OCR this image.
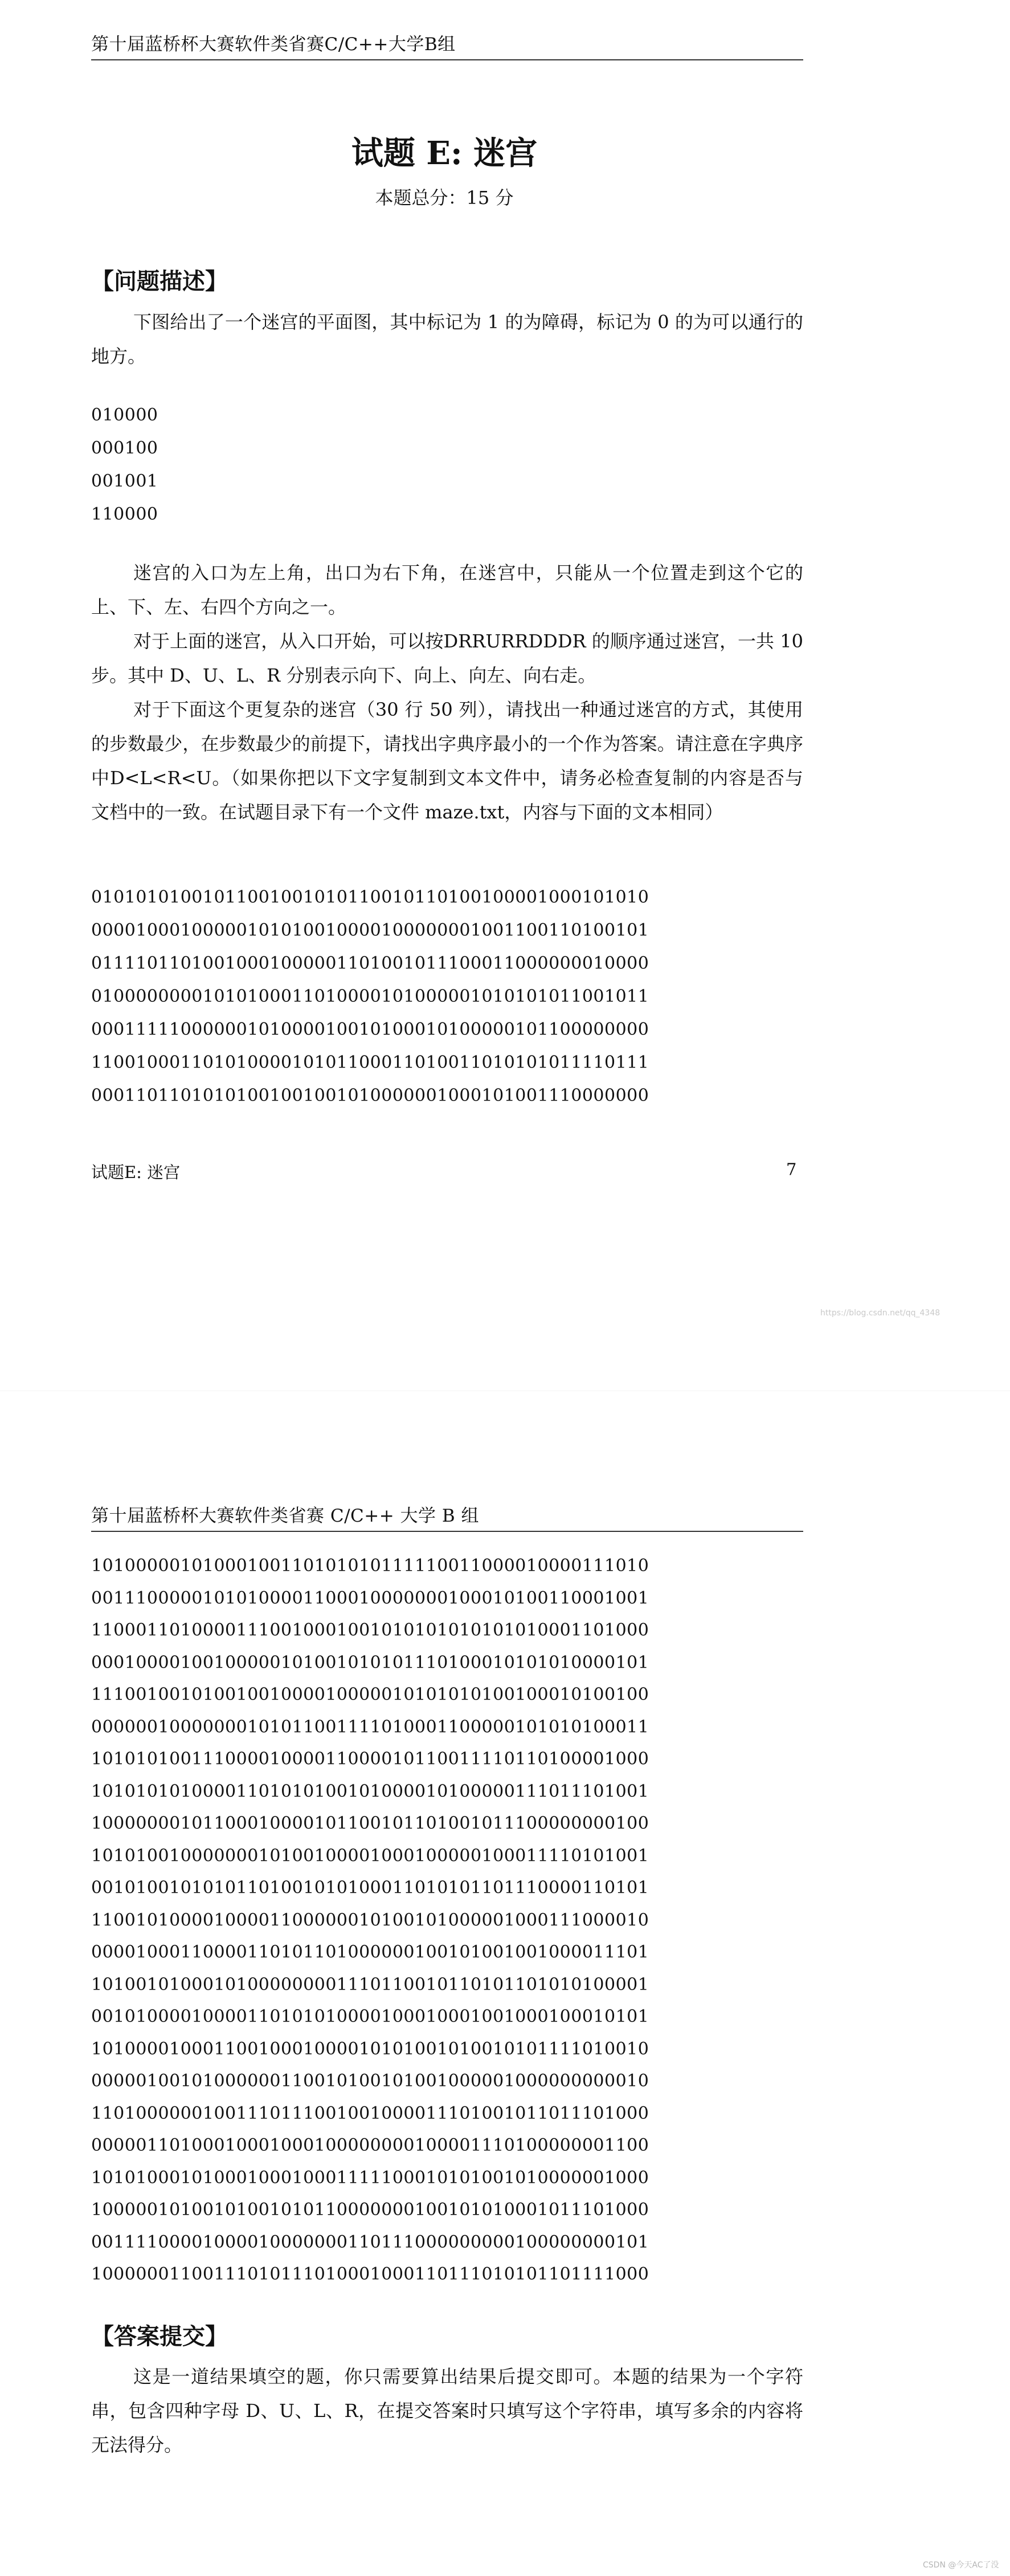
第十届蓝桥杯大赛软件类省赛C/C++大学B组
试题 E: 迷宫
本题总分：15 分
【问题描述】
下图给出了一个迷宫的平面图，其中标记为 1 的为障碍，标记为 0 的为可以通行的地方。
010000
000100
001001
110000
迷宫的入口为左上角，出口为右下角，在迷宫中，只能从一个位置走到这个它的上、下、左、右四个方向之一。
对于上面的迷宫，从入口开始，可以按DRRURRDDDR 的顺序通过迷宫，一共 10 步。其中 D、U、L、R 分别表示向下、向上、向左、向右走。
对于下面这个更复杂的迷宫（30 行 50 列），请找出一种通过迷宫的方式，其使用的步数最少，在步数最少的前提下，请找出字典序最小的一个作为答案。请注意在字典序中D<L<R<U。（如果你把以下文字复制到文本文件中，请务必检查复制的内容是否与文档中的一致。在试题目录下有一个文件 maze.txt，内容与下面的文本相同）
01010101001011001001010110010110100100001000101010
00001000100000101010010000100000001001100110100101
01111011010010001000001101001011100011000000010000
01000000001010100011010000101000001010101011001011
00011111000000101000010010100010100000101100000000
11001000110101000010101100011010011010101011110111
00011011010101001001001010000001000101001110000000
试题E: 迷宫	7
https://blog.csdn.net/qq_4348
第十届蓝桥杯大赛软件类省赛 C/C++ 大学 B 组
10100000101000100110101010111110011000010000111010
00111000001010100001100010000000100010100110001001
11000110100001110010001001010101010101010001101000
00010000100100000101001010101110100010101010000101
11100100101001001000010000010101010100100010100100
00000010000000101011001111010001100000101010100011
10101010011100001000011000010110011110110100001000
10101010100001101010100101000010100000111011101001
10000000101100010000101100101101001011100000000100
10101001000000010100100001000100000100011110101001
00101001010101101001010100011010101101110000110101
11001010000100001100000010100101000001000111000010
00001000110000110101101000000100101001001000011101
10100101000101000000001110110010110101101010100001
00101000010000110101010000100010001001000100010101
10100001000110010001000010101001010010101111010010
00000100101000000110010100101001000001000000000010
11010000001001110111001001000011101001011011101000
00000110100010001000100000000100001110100000001100
10101000101000100010001111100010101001010000001000
10000010100101001010110000000100101010001011101000
00111100001000010000000110111000000000100000000101
10000001100111010111010001000110111010101101111000
【答案提交】
这是一道结果填空的题，你只需要算出结果后提交即可。本题的结果为一个字符串，包含四种字母 D、U、L、R，在提交答案时只填写这个字符串，填写多余的内容将无法得分。
CSDN @今天AC了没
